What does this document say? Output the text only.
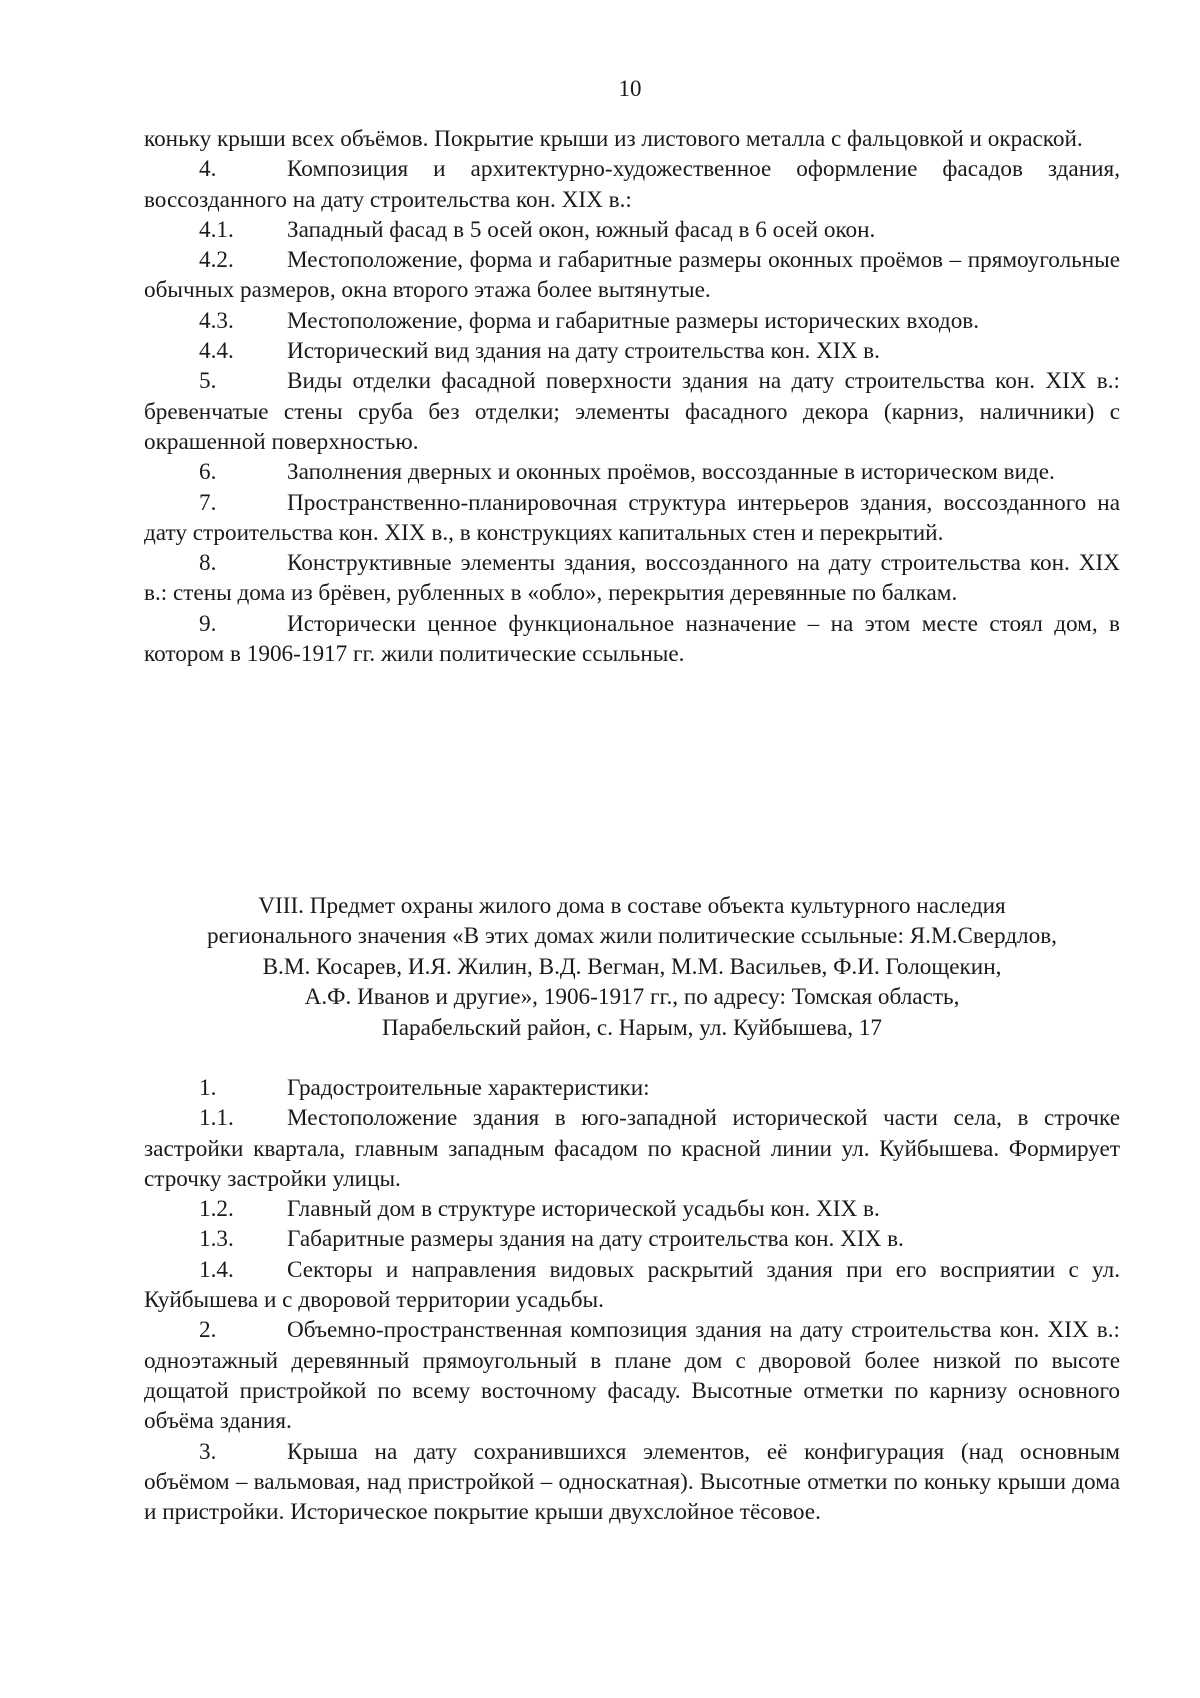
10

коньку крыши всех объёмов. Покрытие крыши из листового металла с фальцовкой и окраской.

4.	Композиция и архитектурно-художественное оформление фасадов здания, воссозданного на дату строительства кон. XIX в.:

4.1. Западный фасад в 5 осей окон, южный фасад в 6 осей окон.

4.2. Местоположение, форма и габаритные размеры оконных проёмов – прямоугольные обычных размеров, окна второго этажа более вытянутые.

4.3. Местоположение, форма и габаритные размеры исторических входов.

4.4. Исторический вид здания на дату строительства кон. XIX в.

5.	Виды отделки фасадной поверхности здания на дату строительства кон. XIX в.: бревенчатые стены сруба без отделки; элементы фасадного декора (карниз, наличники) с окрашенной поверхностью.

6.	Заполнения дверных и оконных проёмов, воссозданные в историческом виде.

7.	Пространственно-планировочная структура интерьеров здания, воссозданного на дату строительства кон. XIX в., в конструкциях капитальных стен и перекрытий.

8.	Конструктивные элементы здания, воссозданного на дату строительства кон. XIX в.: стены дома из брёвен, рубленных в «обло», перекрытия деревянные по балкам.

9.	Исторически ценное функциональное назначение – на этом месте стоял дом, в котором в 1906-1917 гг. жили политические ссыльные.

VIII. Предмет охраны жилого дома в составе объекта культурного наследия
регионального значения «В этих домах жили политические ссыльные: Я.М.Свердлов,
В.М. Косарев, И.Я. Жилин, В.Д. Вегман, М.М. Васильев, Ф.И. Голощекин,
А.Ф. Иванов и другие», 1906-1917 гг., по адресу: Томская область,
Парабельский район, с. Нарым, ул. Куйбышева, 17

1.	Градостроительные характеристики:

1.1. Местоположение здания в юго-западной исторической части села, в строчке застройки квартала, главным западным фасадом по красной линии ул. Куйбышева. Формирует строчку застройки улицы.

1.2. Главный дом в структуре исторической усадьбы кон. XIX в.

1.3. Габаритные размеры здания на дату строительства кон. XIX в.

1.4. Секторы и направления видовых раскрытий здания при его восприятии с ул. Куйбышева и с дворовой территории усадьбы.

2.	Объемно-пространственная композиция здания на дату строительства кон. XIX в.: одноэтажный деревянный прямоугольный в плане дом с дворовой более низкой по высоте дощатой пристройкой по всему восточному фасаду. Высотные отметки по карнизу основного объёма здания.

3.	Крыша на дату сохранившихся элементов, её конфигурация (над основным объёмом – вальмовая, над пристройкой – односкатная). Высотные отметки по коньку крыши дома и пристройки. Историческое покрытие крыши двухслойное тёсовое.
